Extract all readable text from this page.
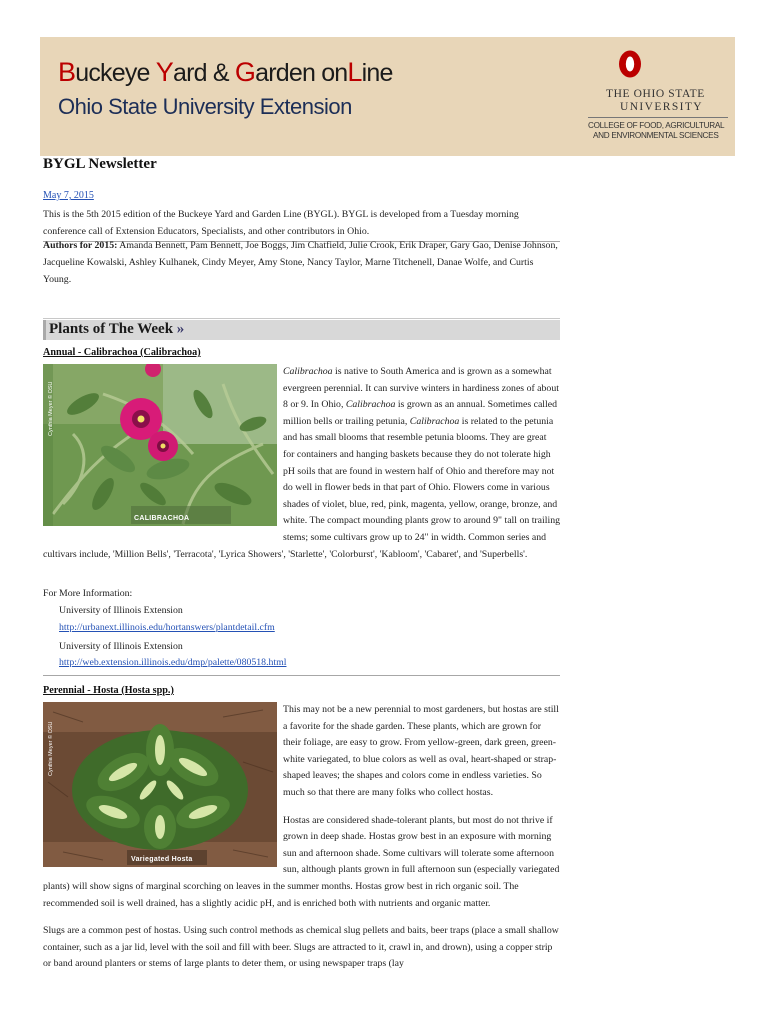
Buckeye Yard & Garden onLine
Ohio State University Extension	THE OHIO STATE
UNIVERSITY
COLLEGE OF FOOD, AGRICULTURAL
AND ENVIRONMENTAL SCIENCES
BYGL Newsletter
May 7, 2015

This is the 5th 2015 edition of the Buckeye Yard and Garden Line (BYGL). BYGL is developed from a Tuesday morning conference call of Extension Educators, Specialists, and other contributors in Ohio.

Authors for 2015: Amanda Bennett, Pam Bennett, Joe Boggs, Jim Chatfield, Julie Crook, Erik Draper, Gary Gao, Denise Johnson, Jacqueline Kowalski, Ashley Kulhanek, Cindy Meyer, Amy Stone, Nancy Taylor, Marne Titchenell, Danae Wolfe, and Curtis Young.

Plants of The Week »
Annual - Calibrachoa (Calibrachoa)
CALIBRACHOA
Cynthia Meyer © OSU

Calibrachoa is native to South America and is grown as a somewhat evergreen perennial. It can survive winters in hardiness zones of about 8 or 9. In Ohio, Calibrachoa is grown as an annual. Sometimes called million bells or trailing petunia, Calibrachoa is related to the petunia and has small blooms that resemble petunia blooms. They are great for containers and hanging baskets because they do not tolerate high pH soils that are found in western half of Ohio and therefore may not do well in flower beds in that part of Ohio. Flowers come in various shades of violet, blue, red, pink, magenta, yellow, orange, bronze, and white. The compact mounding plants grow to around 9" tall on trailing stems; some cultivars grow up to 24" in width. Common series and cultivars include, 'Million Bells', 'Terracota', 'Lyrica Showers', 'Starlette', 'Colorburst', 'Kabloom', 'Cabaret', and 'Superbells'.

For More Information:
University of Illinois Extension
http://urbanext.illinois.edu/hortanswers/plantdetail.cfm
University of Illinois Extension
http://web.extension.illinois.edu/dmp/palette/080518.html
Perennial - Hosta (Hosta spp.)
Variegated Hosta
Cynthia Meyer © OSU

This may not be a new perennial to most gardeners, but hostas are still a favorite for the shade garden. These plants, which are grown for their foliage, are easy to grow. From yellow-green, dark green, green-white variegated, to blue colors as well as oval, heart-shaped or strap-shaped leaves; the shapes and colors come in endless varieties. So much so that there are many folks who collect hostas.

Hostas are considered shade-tolerant plants, but most do not thrive if grown in deep shade. Hostas grow best in an exposure with morning sun and afternoon shade. Some cultivars will tolerate some afternoon sun, although plants grown in full afternoon sun (especially variegated plants) will show signs of marginal scorching on leaves in the summer months. Hostas grow best in rich organic soil. The recommended soil is well drained, has a slightly acidic pH, and is enriched both with nutrients and organic matter.

Slugs are a common pest of hostas. Using such control methods as chemical slug pellets and baits, beer traps (place a small shallow container, such as a jar lid, level with the soil and fill with beer. Slugs are attracted to it, crawl in, and drown), using a copper strip or band around planters or stems of large plants to deter them, or using newspaper traps (lay
